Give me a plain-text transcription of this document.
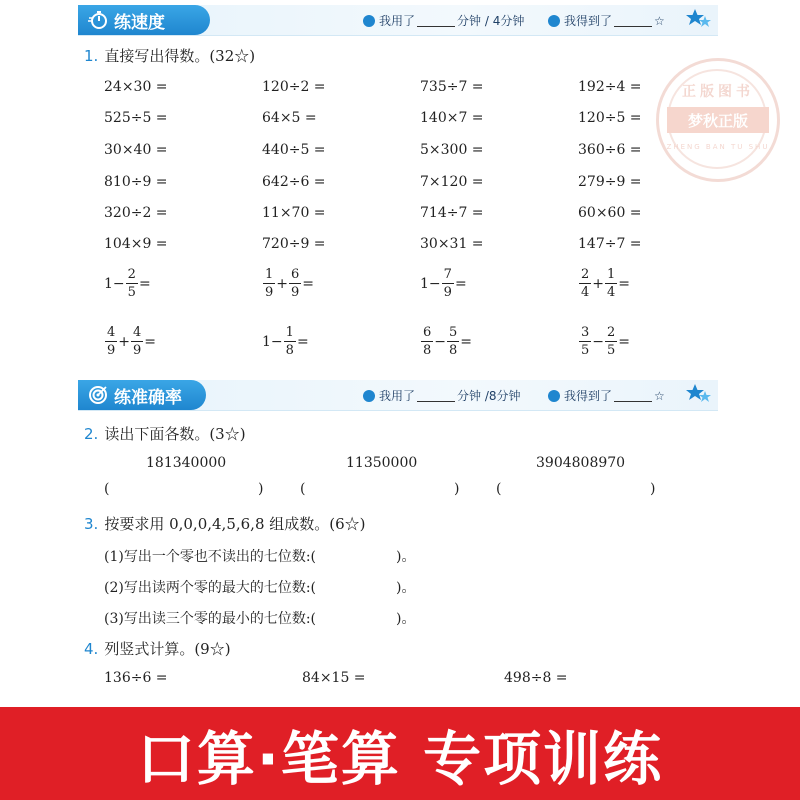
练速度	我用了	分钟 / 4分钟	我得到了	☆
1. 直接写出得数。(32☆)
24×30 =	120÷2 =	735÷7 =	192÷4 =
525÷5 =	64×5 =	140×7 =	120÷5 =
30×40 =	440÷5 =	5×300 =	360÷6 =
810÷9 =	642÷6 =	7×120 =	279÷9 =
320÷2 =	11×70 =	714÷7 =	60×60 =
104×9 =	720÷9 =	30×31 =	147÷7 =
$1 - \frac{2}{5}$ =	$\frac{1}{9} + \frac{6}{9}$ =	$1 - \frac{7}{9}$ =	$\frac{2}{4} + \frac{1}{4}$ =
$\frac{4}{9} + \frac{4}{9}$ =	$1 - \frac{1}{8}$ =	$\frac{6}{8} - \frac{5}{8}$ =	$\frac{3}{5} - \frac{2}{5}$ =
练准确率	我用了	分钟 /8分钟	我得到了	☆
2. 读出下面各数。(3☆)
181340000	11350000	3904808970
(	)	(	)	(	)
3. 按要求用 0,0,0,4,5,6,8 组成数。(6☆)
(1)写出一个零也不读出的七位数:(	)。
(2)写出读两个零的最大的七位数:(	)。
(3)写出读三个零的最小的七位数:(	)。
4. 列竖式计算。(9☆)
136÷6 =	84×15 =	498÷8 =
正版图书
梦秋正版
ZHENG BAN TU SHU
口算·笔算 专项训练
